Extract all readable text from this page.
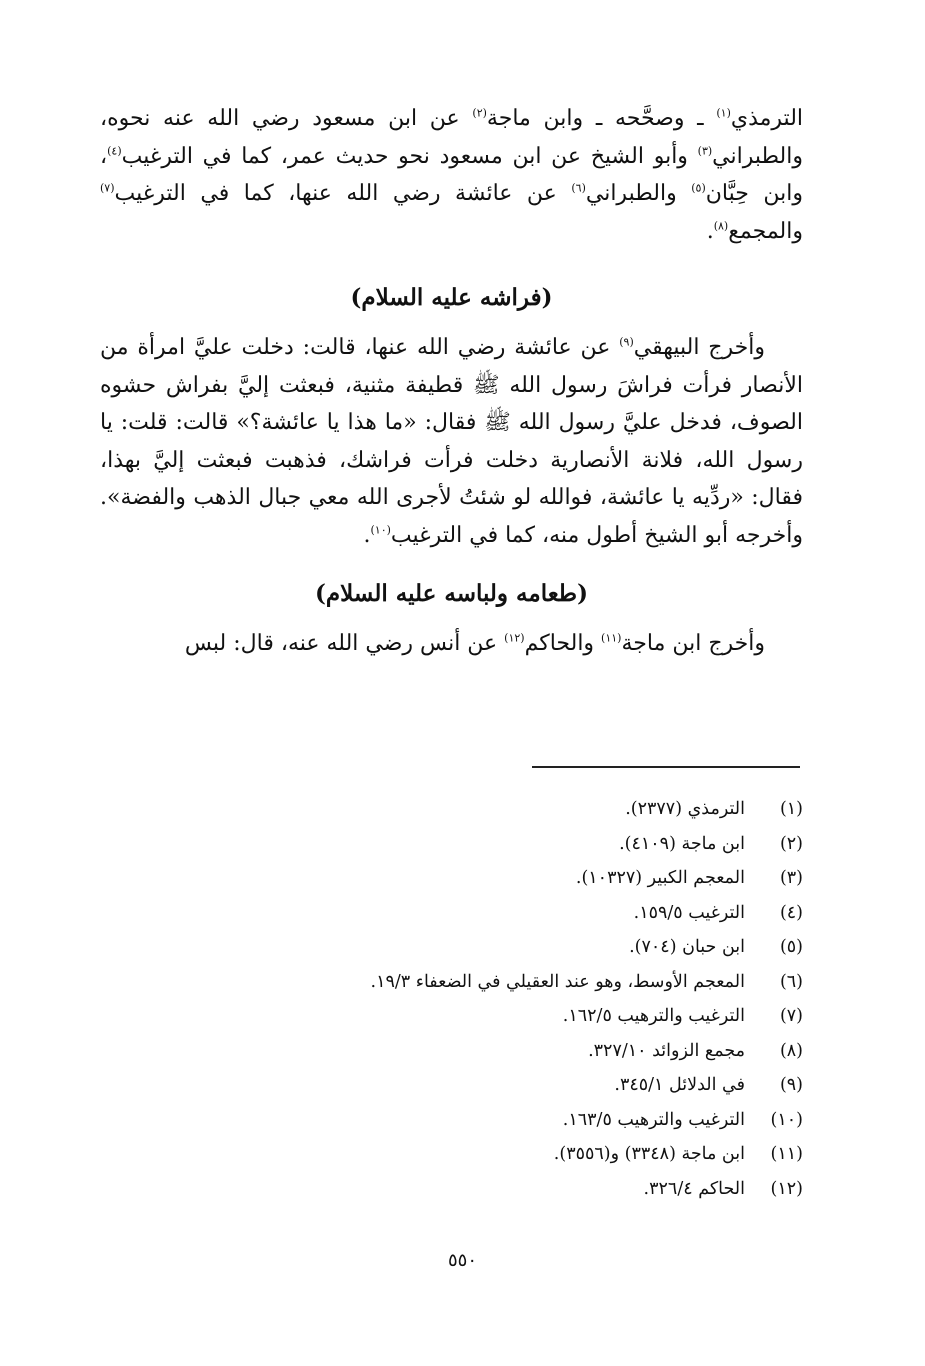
الترمذي$^{(١)}$ ـ وصحَّحه ـ وابن ماجة$^{(٢)}$ عن ابن مسعود رضي الله عنه نحوه، والطبراني$^{(٣)}$ وأبو الشيخ عن ابن مسعود نحو حديث عمر، كما في الترغيب$^{(٤)}$، وابن حِبَّان$^{(٥)}$ والطبراني$^{(٦)}$ عن عائشة رضي الله عنها، كما في الترغيب$^{(٧)}$ والمجمع$^{(٨)}$.

(فراشه عليه السلام)

وأخرج البيهقي$^{(٩)}$ عن عائشة رضي الله عنها، قالت: دخلت عليَّ امرأة من الأنصار فرأت فراشَ رسول الله ﷺ قطيفة مثنية، فبعثت إليَّ بفراش حشوه الصوف، فدخل عليَّ رسول الله ﷺ فقال: «ما هذا يا عائشة؟» قالت: قلت: يا رسول الله، فلانة الأنصارية دخلت فرأت فراشك، فذهبت فبعثت إليَّ بهذا، فقال: «ردِّيه يا عائشة، فوالله لو شئتُ لأجرى الله معي جبال الذهب والفضة». وأخرجه أبو الشيخ أطول منه، كما في الترغيب$^{(١٠)}$.

(طعامه ولباسه عليه السلام)

وأخرج ابن ماجة$^{(١١)}$ والحاكم$^{(١٢)}$ عن أنس رضي الله عنه، قال: لبس

(١)
الترمذي (٢٣٧٧).
(٢)
ابن ماجة (٤١٠٩).
(٣)
المعجم الكبير (١٠٣٢٧).
(٤)
الترغيب ١٥٩/٥.
(٥)
ابن حبان (٧٠٤).
(٦)
المعجم الأوسط، وهو عند العقيلي في الضعفاء ١٩/٣.
(٧)
الترغيب والترهيب ١٦٢/٥.
(٨)
مجمع الزوائد ٣٢٧/١٠.
(٩)
في الدلائل ٣٤٥/١.
(١٠)
الترغيب والترهيب ١٦٣/٥.
(١١)
ابن ماجة (٣٣٤٨) و(٣٥٥٦).
(١٢)
الحاكم ٣٢٦/٤.
٥٥٠
